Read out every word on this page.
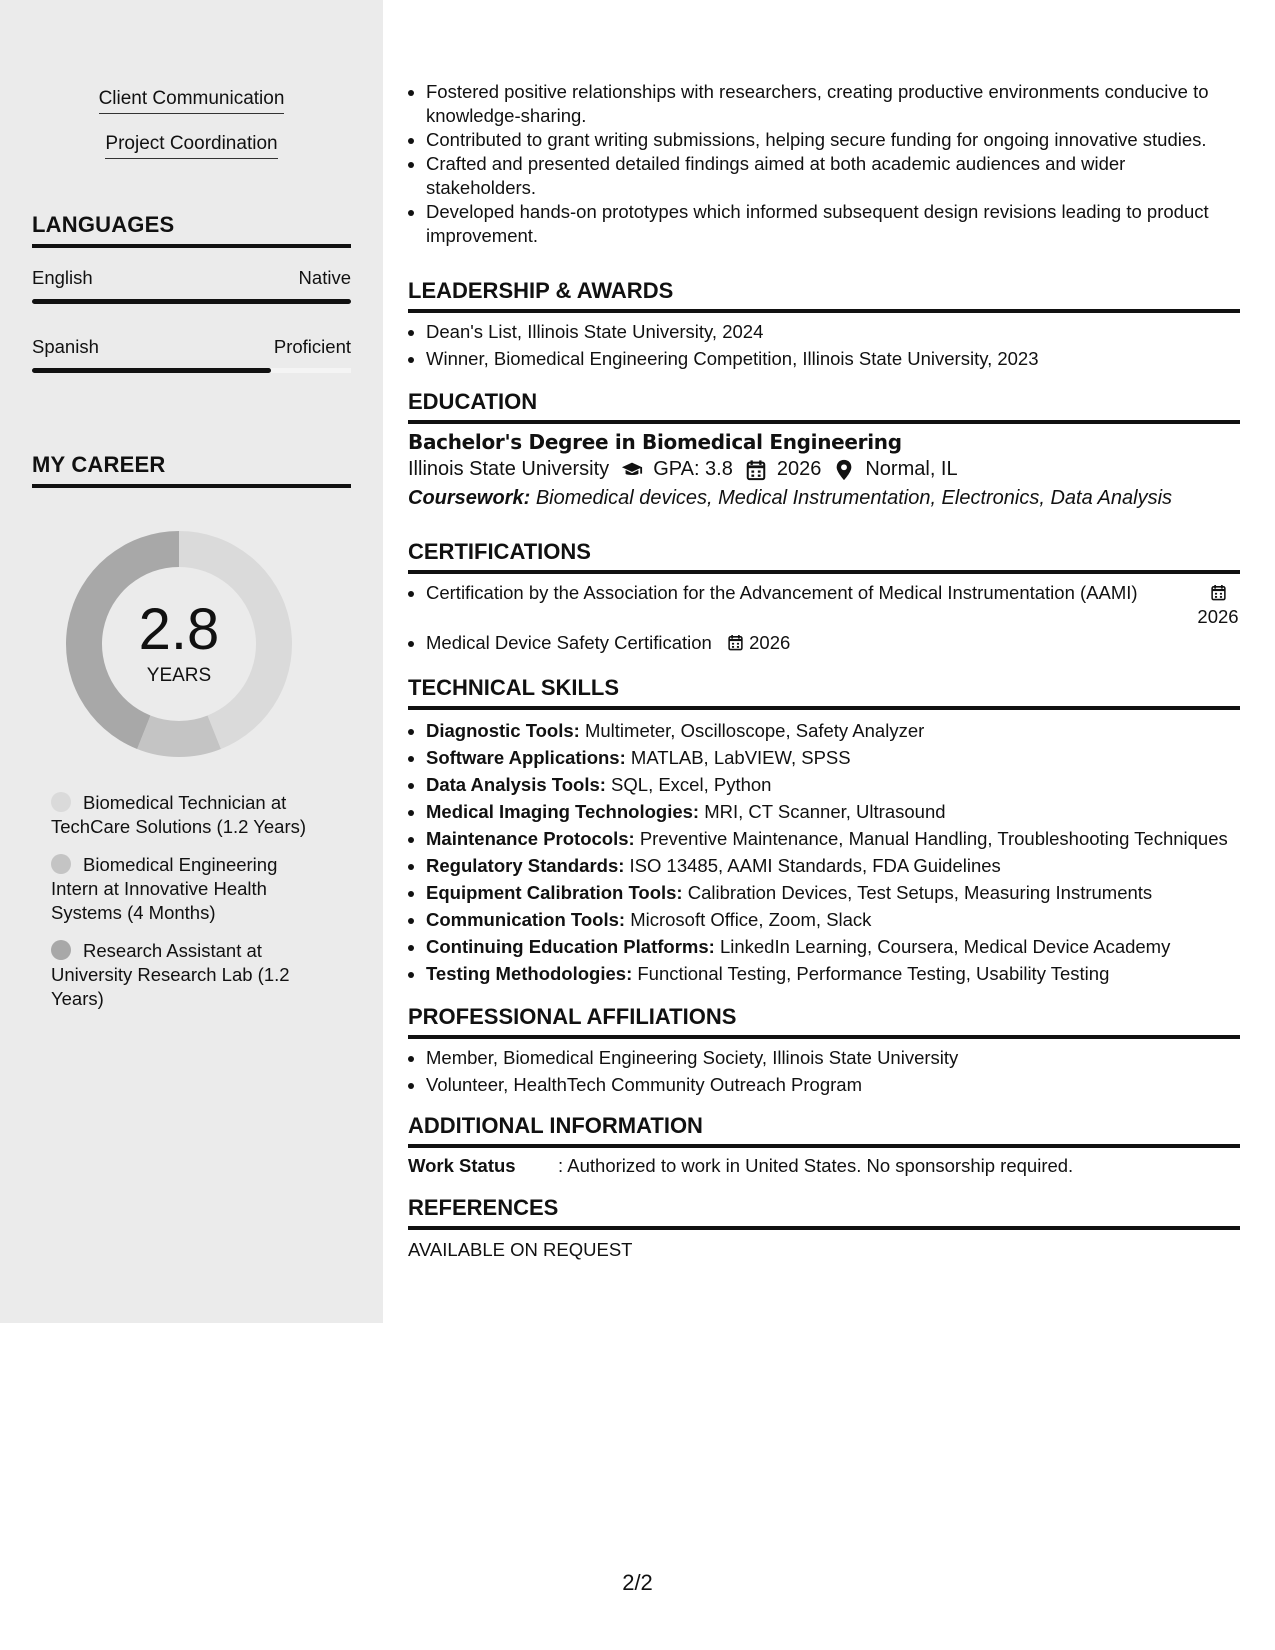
Client Communication
Project Coordination
LANGUAGES
English	Native
Spanish	Proficient
MY CAREER
2.8
YEARS
Biomedical Technician at TechCare Solutions (1.2 Years)
Biomedical Engineering Intern at Innovative Health Systems (4 Months)
Research Assistant at University Research Lab (1.2 Years)
• Fostered positive relationships with researchers, creating productive environments conducive to knowledge-sharing.
• Contributed to grant writing submissions, helping secure funding for ongoing innovative studies.
• Crafted and presented detailed findings aimed at both academic audiences and wider stakeholders.
• Developed hands-on prototypes which informed subsequent design revisions leading to product improvement.
LEADERSHIP & AWARDS
• Dean's List, Illinois State University, 2024
• Winner, Biomedical Engineering Competition, Illinois State University, 2023
EDUCATION
Bachelor's Degree in Biomedical Engineering
Illinois State University GPA: 3.8 2026 Normal, IL
Coursework: Biomedical devices, Medical Instrumentation, Electronics, Data Analysis
CERTIFICATIONS
• Certification by the Association for the Advancement of Medical Instrumentation (AAMI)

2026
• Medical Device Safety Certification 2026
TECHNICAL SKILLS
• Diagnostic Tools: Multimeter, Oscilloscope, Safety Analyzer
• Software Applications: MATLAB, LabVIEW, SPSS
• Data Analysis Tools: SQL, Excel, Python
• Medical Imaging Technologies: MRI, CT Scanner, Ultrasound
• Maintenance Protocols: Preventive Maintenance, Manual Handling, Troubleshooting Techniques
• Regulatory Standards: ISO 13485, AAMI Standards, FDA Guidelines
• Equipment Calibration Tools: Calibration Devices, Test Setups, Measuring Instruments
• Communication Tools: Microsoft Office, Zoom, Slack
• Continuing Education Platforms: LinkedIn Learning, Coursera, Medical Device Academy
• Testing Methodologies: Functional Testing, Performance Testing, Usability Testing
PROFESSIONAL AFFILIATIONS
• Member, Biomedical Engineering Society, Illinois State University
• Volunteer, HealthTech Community Outreach Program
ADDITIONAL INFORMATION
Work Status : Authorized to work in United States. No sponsorship required.
REFERENCES
AVAILABLE ON REQUEST
2/2
